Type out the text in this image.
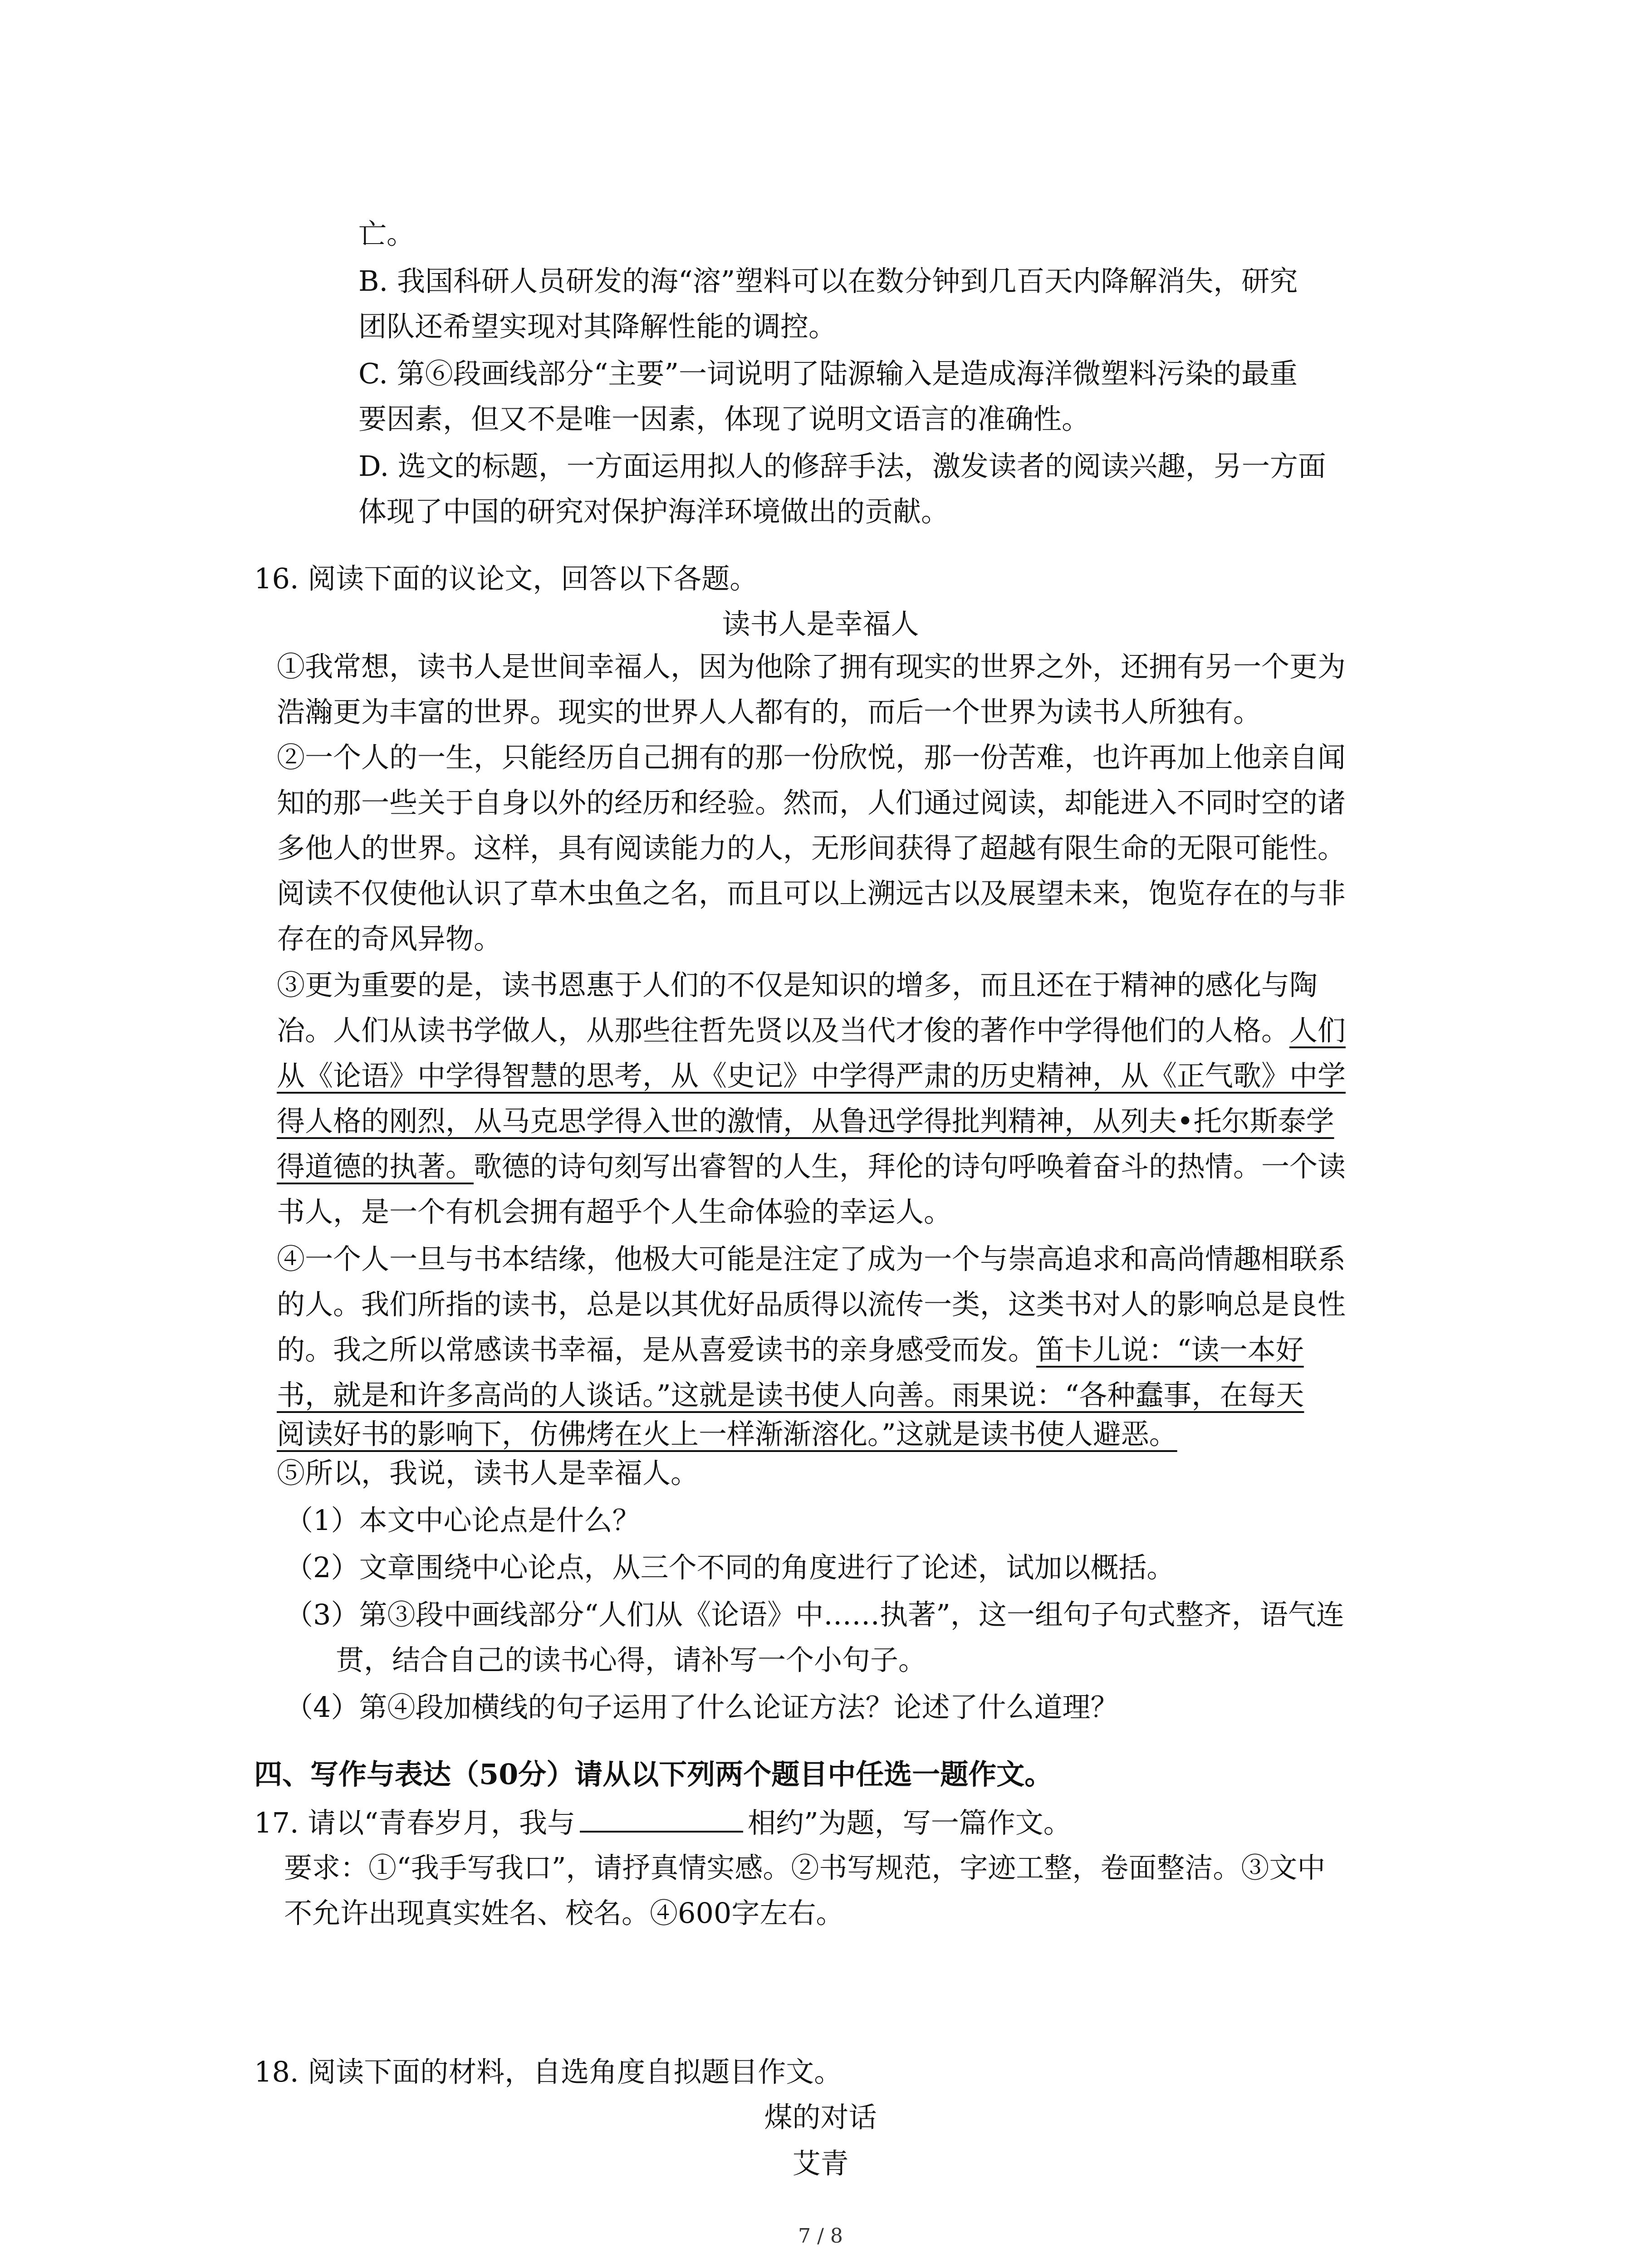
亡。
B. 我国科研人员研发的海“溶”塑料可以在数分钟到几百天内降解消失，研究
团队还希望实现对其降解性能的调控。
C. 第⑥段画线部分“主要”一词说明了陆源输入是造成海洋微塑料污染的最重
要因素，但又不是唯一因素，体现了说明文语言的准确性。
D. 选文的标题，一方面运用拟人的修辞手法，激发读者的阅读兴趣，另一方面
体现了中国的研究对保护海洋环境做出的贡献。
16. 阅读下面的议论文，回答以下各题。
读书人是幸福人
①我常想，读书人是世间幸福人，因为他除了拥有现实的世界之外，还拥有另一个更为
浩瀚更为丰富的世界。现实的世界人人都有的，而后一个世界为读书人所独有。
②一个人的一生，只能经历自己拥有的那一份欣悦，那一份苦难，也许再加上他亲自闻
知的那一些关于自身以外的经历和经验。然而，人们通过阅读，却能进入不同时空的诸
多他人的世界。这样，具有阅读能力的人，无形间获得了超越有限生命的无限可能性。
阅读不仅使他认识了草木虫鱼之名，而且可以上溯远古以及展望未来，饱览存在的与非
存在的奇风异物。
③更为重要的是，读书恩惠于人们的不仅是知识的增多，而且还在于精神的感化与陶
冶。人们从读书学做人，从那些往哲先贤以及当代才俊的著作中学得他们的人格。人们
从《论语》中学得智慧的思考，从《史记》中学得严肃的历史精神，从《正气歌》中学
得人格的刚烈，从马克思学得入世的激情，从鲁迅学得批判精神，从列夫•托尔斯泰学
得道德的执著。歌德的诗句刻写出睿智的人生，拜伦的诗句呼唤着奋斗的热情。一个读
书人，是一个有机会拥有超乎个人生命体验的幸运人。
④一个人一旦与书本结缘，他极大可能是注定了成为一个与崇高追求和高尚情趣相联系
的人。我们所指的读书，总是以其优好品质得以流传一类，这类书对人的影响总是良性
的。我之所以常感读书幸福，是从喜爱读书的亲身感受而发。笛卡儿说：“读一本好
书，就是和许多高尚的人谈话。”这就是读书使人向善。雨果说：“各种蠢事，在每天
阅读好书的影响下，仿佛烤在火上一样渐渐溶化。”这就是读书使人避恶。
⑤所以，我说，读书人是幸福人。
（1）本文中心论点是什么？
（2）文章围绕中心论点，从三个不同的角度进行了论述，试加以概括。
（3）第③段中画线部分“人们从《论语》中……执著”，这一组句子句式整齐，语气连
贯，结合自己的读书心得，请补写一个小句子。
（4）第④段加横线的句子运用了什么论证方法？论述了什么道理？
四、写作与表达（50分）请从以下列两个题目中任选一题作文。
17. 请以“青春岁月，我与	相约”为题，写一篇作文。
要求：①“我手写我口”，请抒真情实感。②书写规范，字迹工整，卷面整洁。③文中
不允许出现真实姓名、校名。④600字左右。
18. 阅读下面的材料，自选角度自拟题目作文。
煤的对话
艾青
7 / 8
